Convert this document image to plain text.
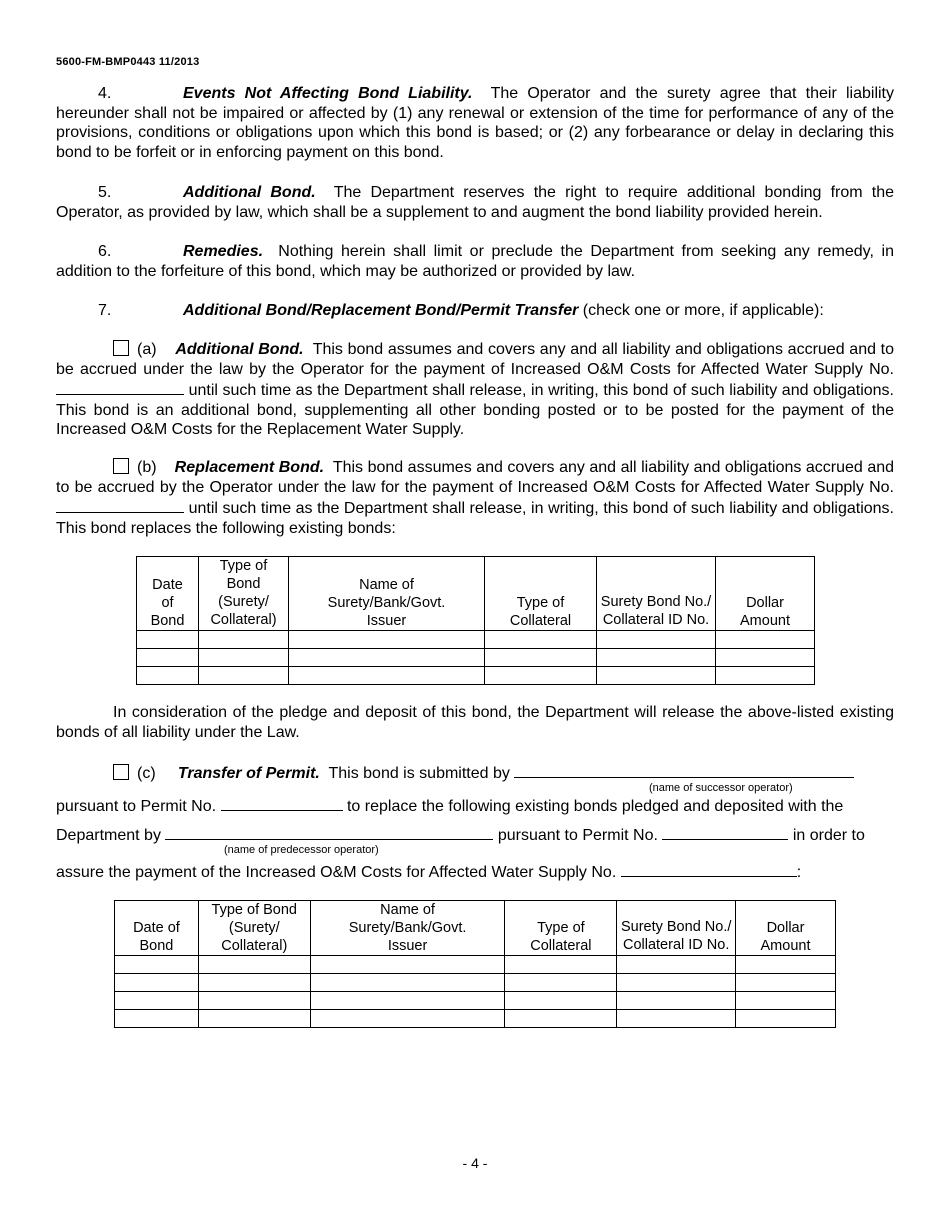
5600-FM-BMP0443 11/2013
4.	Events Not Affecting Bond Liability. The Operator and the surety agree that their liability hereunder shall not be impaired or affected by (1) any renewal or extension of the time for performance of any of the provisions, conditions or obligations upon which this bond is based; or (2) any forbearance or delay in declaring this bond to be forfeit or in enforcing payment on this bond.
5.	Additional Bond. The Department reserves the right to require additional bonding from the Operator, as provided by law, which shall be a supplement to and augment the bond liability provided herein.
6.	Remedies. Nothing herein shall limit or preclude the Department from seeking any remedy, in addition to the forfeiture of this bond, which may be authorized or provided by law.
7.	Additional Bond/Replacement Bond/Permit Transfer (check one or more, if applicable):
(a) Additional Bond. This bond assumes and covers any and all liability and obligations accrued and to be accrued under the law by the Operator for the payment of Increased O&M Costs for Affected Water Supply No.  until such time as the Department shall release, in writing, this bond of such liability and obligations. This bond is an additional bond, supplementing all other bonding posted or to be posted for the payment of the Increased O&M Costs for the Replacement Water Supply.
(b) Replacement Bond. This bond assumes and covers any and all liability and obligations accrued and to be accrued by the Operator under the law for the payment of Increased O&M Costs for Affected Water Supply No.  until such time as the Department shall release, in writing, this bond of such liability and obligations. This bond replaces the following existing bonds:
Date of Bond	Type of Bond (Surety/ Collateral)	Name of Surety/Bank/Govt. Issuer	Type of Collateral	Surety Bond No./ Collateral ID No.	Dollar Amount

In consideration of the pledge and deposit of this bond, the Department will release the above-listed existing bonds of all liability under the Law.
(c) Transfer of Permit. This bond is submitted by
(name of successor operator)
pursuant to Permit No.	to replace the following existing bonds pledged and deposited with the
Department by	pursuant to Permit No.	in order to
(name of predecessor operator)
assure the payment of the Increased O&M Costs for Affected Water Supply No.	:
Date of Bond	Type of Bond (Surety/ Collateral)	Name of Surety/Bank/Govt. Issuer	Type of Collateral	Surety Bond No./ Collateral ID No.	Dollar Amount

- 4 -
